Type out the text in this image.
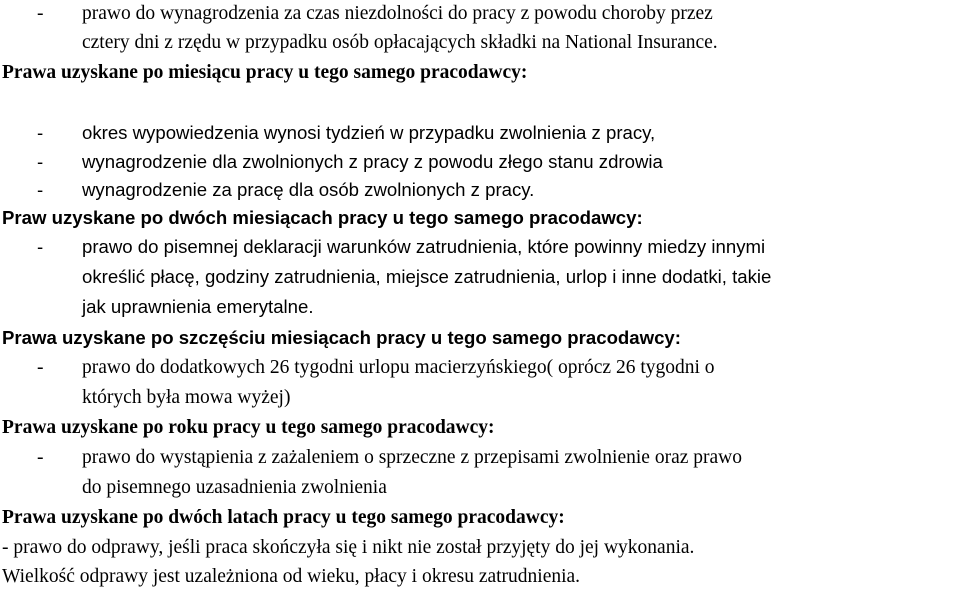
- prawo do wynagrodzenia za czas niezdolności do pracy z powodu choroby przez
cztery dni z rzędu w przypadku osób opłacających składki na National Insurance.
Prawa uzyskane po miesiącu pracy u tego samego pracodawcy:
- okres wypowiedzenia wynosi tydzień w przypadku zwolnienia z pracy,
- wynagrodzenie dla zwolnionych z pracy z powodu złego stanu zdrowia
- wynagrodzenie za pracę dla osób zwolnionych z pracy.
Praw uzyskane po dwóch miesiącach pracy u tego samego pracodawcy:
- prawo do pisemnej deklaracji warunków zatrudnienia, które powinny miedzy innymi
określić płacę, godziny zatrudnienia, miejsce zatrudnienia, urlop i inne dodatki, takie
jak uprawnienia emerytalne.
Prawa uzyskane po szczęściu miesiącach pracy u tego samego pracodawcy:
- prawo do dodatkowych 26 tygodni urlopu macierzyńskiego( oprócz 26 tygodni o
których była mowa wyżej)
Prawa uzyskane po roku pracy u tego samego pracodawcy:
- prawo do wystąpienia z zażaleniem o sprzeczne z przepisami zwolnienie oraz prawo
do pisemnego uzasadnienia zwolnienia
Prawa uzyskane po dwóch latach pracy u tego samego pracodawcy:
- prawo do odprawy, jeśli praca skończyła się i nikt nie został przyjęty do jej wykonania.
Wielkość odprawy jest uzależniona od wieku, płacy i okresu zatrudnienia.
